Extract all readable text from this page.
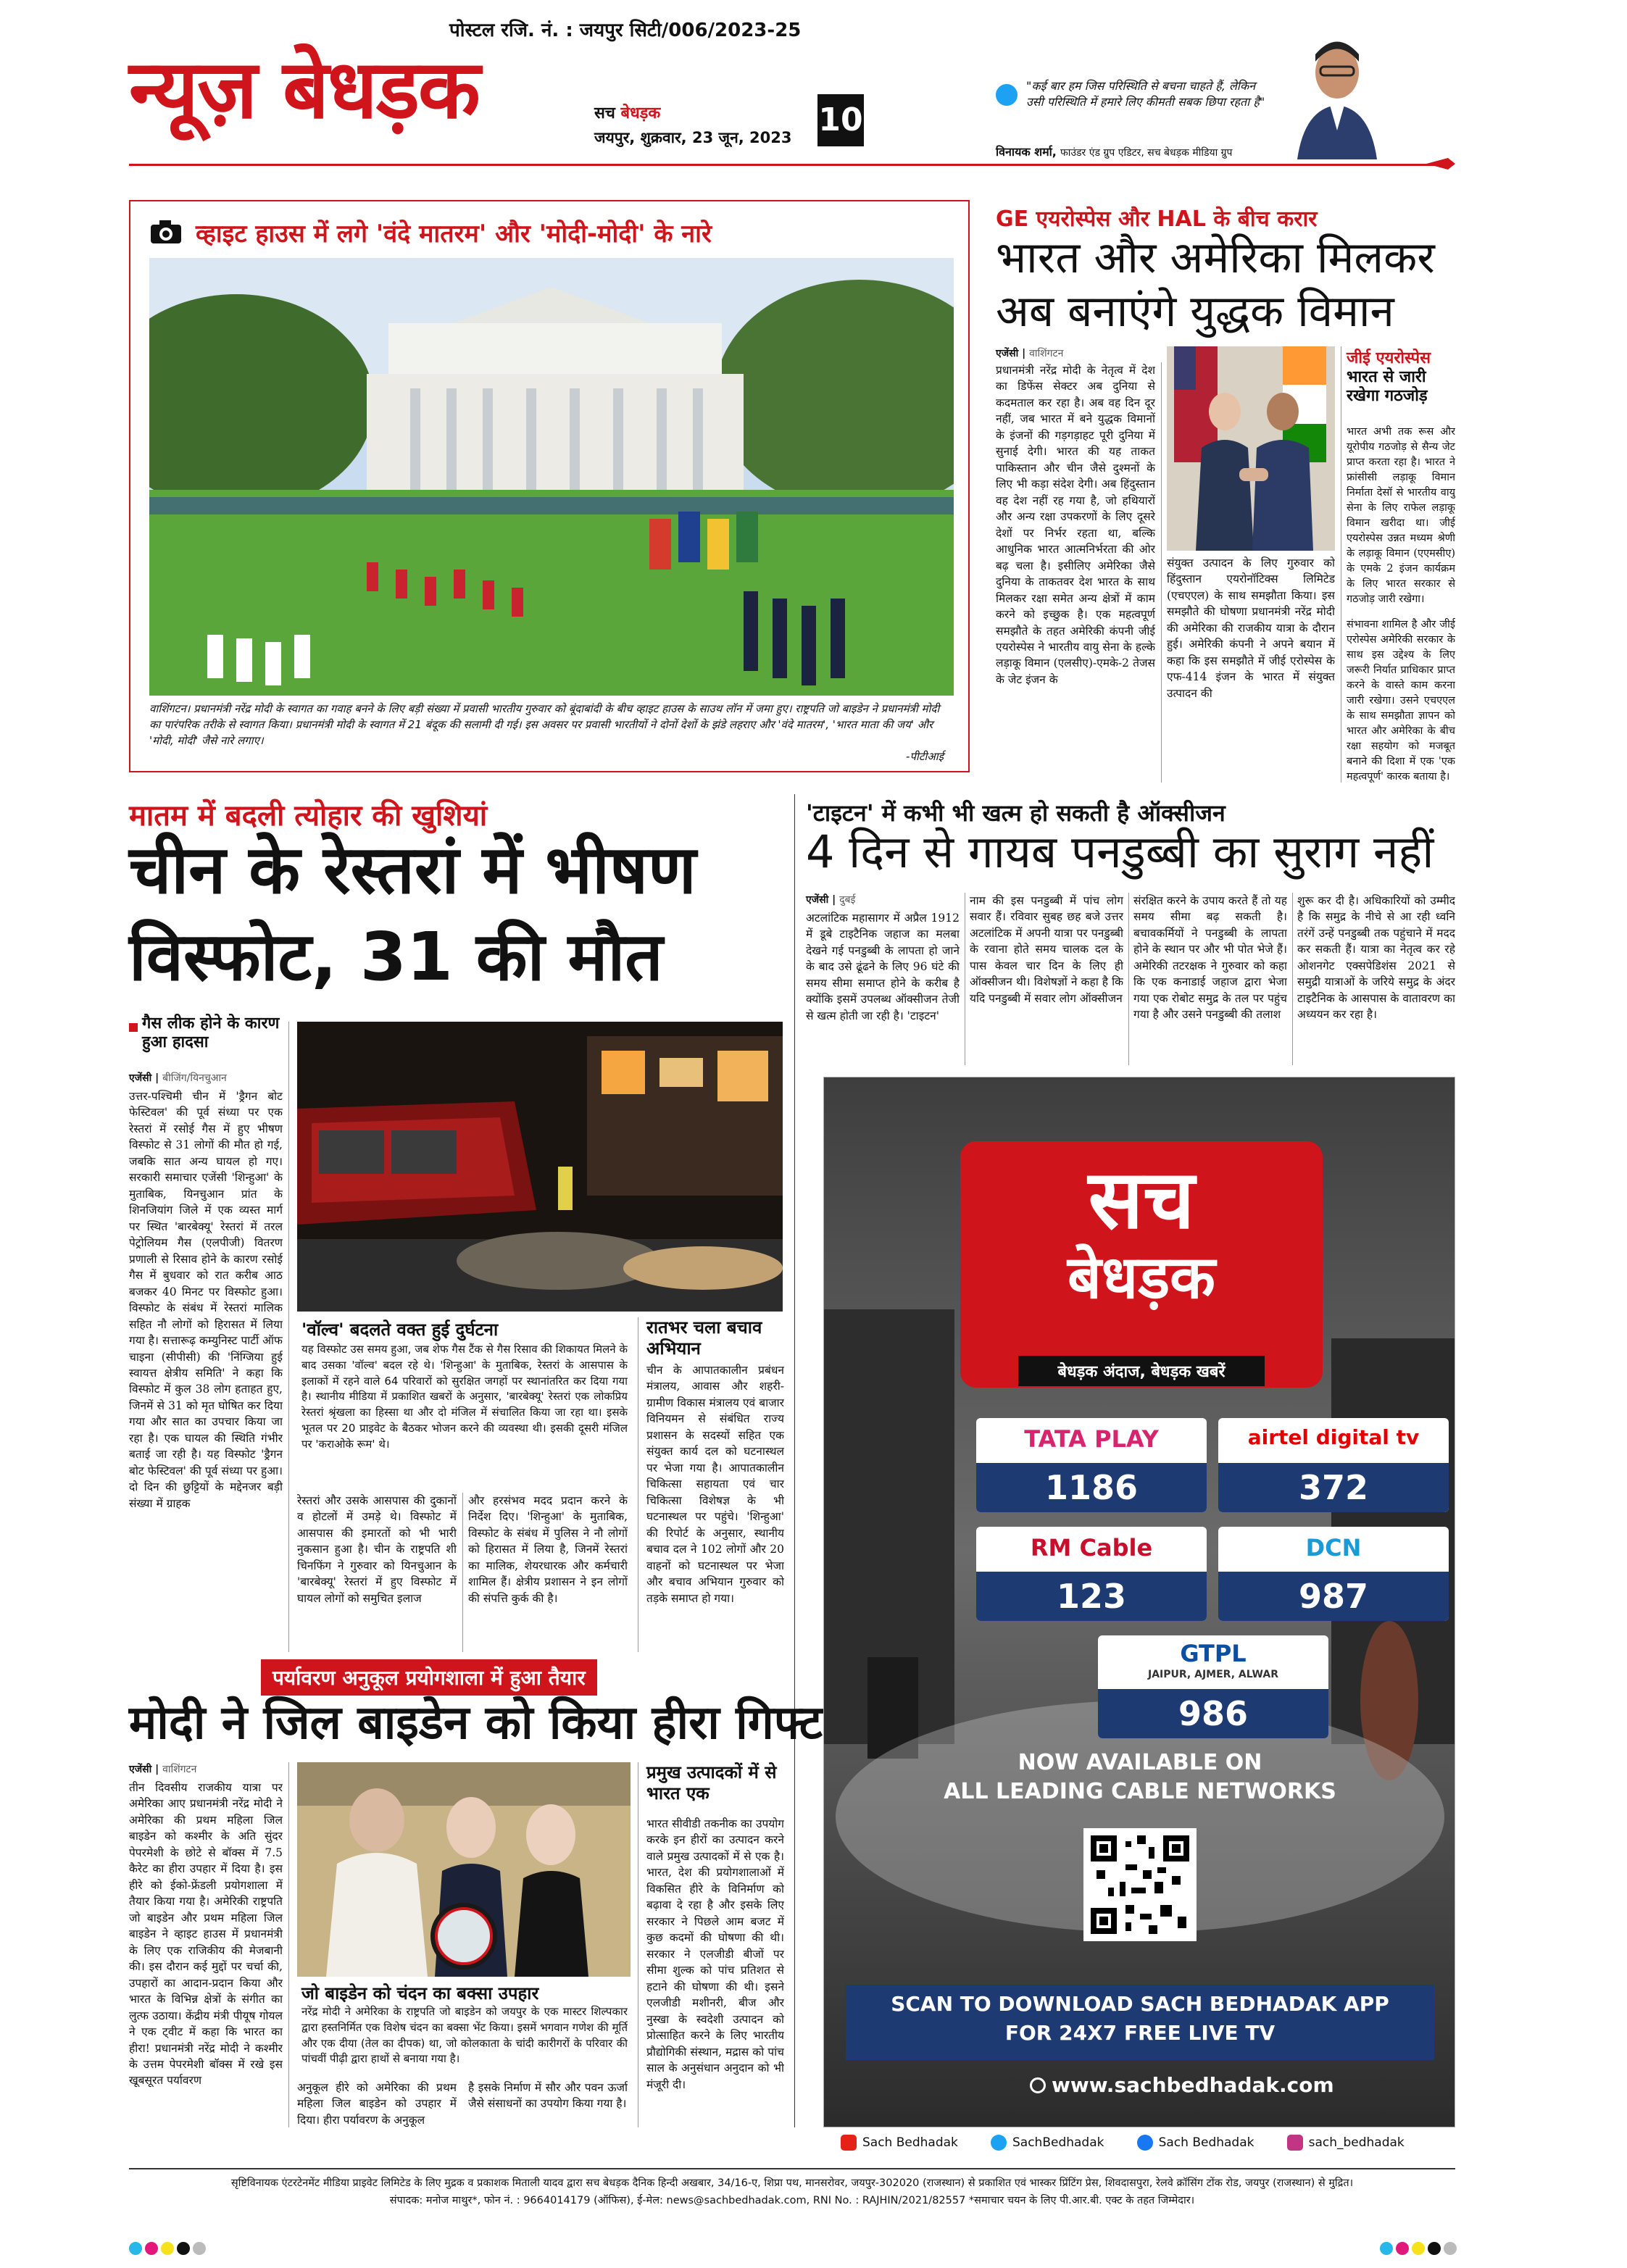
पोस्टल रजि. नं. : जयपुर सिटी/006/2023-25
न्यूज़ बेधड़क	सच बेधड़क
जयपुर, शुक्रवार, 23 जून, 2023 10
"कई बार हम जिस परिस्थिति से बचना चाहते हैं, लेकिन उसी परिस्थिति में हमारे लिए कीमती सबक छिपा रहता है"
विनायक शर्मा, फाउंडर एंड ग्रुप एडिटर, सच बेधड़क मीडिया ग्रुप
व्हाइट हाउस में लगे 'वंदे मातरम' और 'मोदी-मोदी' के नारे
वाशिंगटन। प्रधानमंत्री नरेंद्र मोदी के स्वागत का गवाह बनने के लिए बड़ी संख्या में प्रवासी भारतीय गुरुवार को बूंदाबांदी के बीच व्हाइट हाउस के साउथ लॉन में जमा हुए। राष्ट्रपति जो बाइडेन ने प्रधानमंत्री मोदी का पारंपरिक तरीके से स्वागत किया। प्रधानमंत्री मोदी के स्वागत में 21 बंदूक की सलामी दी गई। इस अवसर पर प्रवासी भारतीयों ने दोनों देशों के झंडे लहराए और 'वंदे मातरम', 'भारत माता की जय' और 'मोदी, मोदी' जैसे नारे लगाए।
-पीटीआई
GE एयरोस्पेस और HAL के बीच करार
भारत और अमेरिका मिलकर
अब बनाएंगे युद्धक विमान
एजेंसी | वाशिंगटन
प्रधानमंत्री नरेंद्र मोदी के नेतृत्व में देश का डिफेंस सेक्टर अब दुनिया से कदमताल कर रहा है। अब वह दिन दूर नहीं, जब भारत में बने युद्धक विमानों के इंजनों की गड़गड़ाहट पूरी दुनिया में सुनाई देगी। भारत की यह ताकत पाकिस्तान और चीन जैसे दुश्मनों के लिए भी कड़ा संदेश देगी। अब हिंदुस्तान वह देश नहीं रह गया है, जो हथियारों और अन्य रक्षा उपकरणों के लिए दूसरे देशों पर निर्भर रहता था, बल्कि आधुनिक भारत आत्मनिर्भरता की ओर बढ़ चला है। इसीलिए अमेरिका जैसे दुनिया के ताकतवर देश भारत के साथ मिलकर रक्षा समेत अन्य क्षेत्रों में काम करने को इच्छुक है। एक महत्वपूर्ण समझौते के तहत अमेरिकी कंपनी जीई एयरोस्पेस ने भारतीय वायु सेना के हल्के लड़ाकू विमान (एलसीए)-एमके-2 तेजस के जेट इंजन के
संयुक्त उत्पादन के लिए गुरुवार को हिंदुस्तान एयरोनॉटिक्स लिमिटेड (एचएएल) के साथ समझौता किया। इस समझौते की घोषणा प्रधानमंत्री नरेंद्र मोदी की अमेरिका की राजकीय यात्रा के दौरान हुई। अमेरिकी कंपनी ने अपने बयान में कहा कि इस समझौते में जीई एरोस्पेस के एफ-414 इंजन के भारत में संयुक्त उत्पादन की
जीई एयरोस्पेस
भारत से जारी रखेगा गठजोड़
भारत अभी तक रूस और यूरोपीय गठजोड़ से सैन्य जेट प्राप्त करता रहा है। भारत ने फ्रांसीसी लड़ाकू विमान निर्माता देसॉ से भारतीय वायु सेना के लिए राफेल लड़ाकू विमान खरीदा था। जीई एयरोस्पेस उन्नत मध्यम श्रेणी के लड़ाकू विमान (एएमसीए) के एमके 2 इंजन कार्यक्रम के लिए भारत सरकार से गठजोड़ जारी रखेगा।
संभावना शामिल है और जीई एरोस्पेस अमेरिकी सरकार के साथ इस उद्देश्य के लिए जरूरी निर्यात प्राधिकार प्राप्त करने के वास्ते काम करना जारी रखेगा। उसने एचएएल के साथ समझौता ज्ञापन को भारत और अमेरिका के बीच रक्षा सहयोग को मजबूत बनाने की दिशा में एक 'एक महत्वपूर्ण' कारक बताया है।
मातम में बदली त्योहार की खुशियां
चीन के रेस्तरां में भीषण
विस्फोट, 31 की मौत
गैस लीक होने के कारण हुआ हादसा
एजेंसी | बीजिंग/यिनचुआन
उत्तर-पश्चिमी चीन में 'ड्रैगन बोट फेस्टिवल' की पूर्व संध्या पर एक रेस्तरां में रसोई गैस में हुए भीषण विस्फोट से 31 लोगों की मौत हो गई, जबकि सात अन्य घायल हो गए। सरकारी समाचार एजेंसी 'शिन्हुआ' के मुताबिक, यिनचुआन प्रांत के शिनजियांग जिले में एक व्यस्त मार्ग पर स्थित 'बारबेक्यू' रेस्तरां में तरल पेट्रोलियम गैस (एलपीजी) वितरण प्रणाली से रिसाव होने के कारण रसोई गैस में बुधवार को रात करीब आठ बजकर 40 मिनट पर विस्फोट हुआ। विस्फोट के संबंध में रेस्तरां मालिक सहित नौ लोगों को हिरासत में लिया गया है। सत्तारूढ़ कम्युनिस्ट पार्टी ऑफ चाइना (सीपीसी) की 'निंग्जिया हुई स्वायत्त क्षेत्रीय समिति' ने कहा कि विस्फोट में कुल 38 लोग हताहत हुए, जिनमें से 31 को मृत घोषित कर दिया गया और सात का उपचार किया जा रहा है। एक घायल की स्थिति गंभीर बताई जा रही है। यह विस्फोट 'ड्रैगन बोट फेस्टिवल' की पूर्व संध्या पर हुआ। दो दिन की छुट्टियों के मद्देनजर बड़ी संख्या में ग्राहक
'वॉल्व' बदलते वक्त हुई दुर्घटना
यह विस्फोट उस समय हुआ, जब शेफ गैस टैंक से गैस रिसाव की शिकायत मिलने के बाद उसका 'वॉल्व' बदल रहे थे। 'शिन्हुआ' के मुताबिक, रेस्तरां के आसपास के इलाकों में रहने वाले 64 परिवारों को सुरक्षित जगहों पर स्थानांतरित कर दिया गया है। स्थानीय मीडिया में प्रकाशित खबरों के अनुसार, 'बारबेक्यू' रेस्तरां एक लोकप्रिय रेस्तरां श्रृंखला का हिस्सा था और दो मंजिल में संचालित किया जा रहा था। इसके भूतल पर 20 प्राइवेट के बैठकर भोजन करने की व्यवस्था थी। इसकी दूसरी मंजिल पर 'कराओके रूम' थे।
रेस्तरां और उसके आसपास की दुकानों व होटलों में उमड़े थे। विस्फोट में आसपास की इमारतों को भी भारी नुकसान हुआ है। चीन के राष्ट्रपति शी चिनफिंग ने गुरुवार को यिनचुआन के 'बारबेक्यू' रेस्तरां में हुए विस्फोट में घायल लोगों को समुचित इलाज
और हरसंभव मदद प्रदान करने के निर्देश दिए। 'शिन्हुआ' के मुताबिक, विस्फोट के संबंध में पुलिस ने नौ लोगों को हिरासत में लिया है, जिनमें रेस्तरां का मालिक, शेयरधारक और कर्मचारी शामिल हैं। क्षेत्रीय प्रशासन ने इन लोगों की संपत्ति कुर्क की है।
रातभर चला बचाव अभियान
चीन के आपातकालीन प्रबंधन मंत्रालय, आवास और शहरी-ग्रामीण विकास मंत्रालय एवं बाजार विनियमन से संबंधित राज्य प्रशासन के सदस्यों सहित एक संयुक्त कार्य दल को घटनास्थल पर भेजा गया है। आपातकालीन चिकित्सा सहायता एवं चार चिकित्सा विशेषज्ञ के भी घटनास्थल पर पहुंचे। 'शिन्हुआ' की रिपोर्ट के अनुसार, स्थानीय बचाव दल ने 102 लोगों और 20 वाहनों को घटनास्थल पर भेजा और बचाव अभियान गुरुवार को तड़के समाप्त हो गया।
'टाइटन' में कभी भी खत्म हो सकती है ऑक्सीजन
4 दिन से गायब पनडुब्बी का सुराग नहीं
एजेंसी | दुबई
अटलांटिक महासागर में अप्रैल 1912 में डूबे टाइटैनिक जहाज का मलबा देखने गई पनडुब्बी के लापता हो जाने के बाद उसे ढूंढने के लिए 96 घंटे की समय सीमा समाप्त होने के करीब है क्योंकि इसमें उपलब्ध ऑक्सीजन तेजी से खत्म होती जा रही है। 'टाइटन'
नाम की इस पनडुब्बी में पांच लोग सवार हैं। रविवार सुबह छह बजे उत्तर अटलांटिक में अपनी यात्रा पर पनडुब्बी के रवाना होते समय चालक दल के पास केवल चार दिन के लिए ही ऑक्सीजन थी। विशेषज्ञों ने कहा है कि यदि पनडुब्बी में सवार लोग ऑक्सीजन
संरक्षित करने के उपाय करते हैं तो यह समय सीमा बढ़ सकती है। बचावकर्मियों ने पनडुब्बी के लापता होने के स्थान पर और भी पोत भेजे हैं। अमेरिकी तटरक्षक ने गुरुवार को कहा कि एक कनाडाई जहाज द्वारा भेजा गया एक रोबोट समुद्र के तल पर पहुंच गया है और उसने पनडुब्बी की तलाश
शुरू कर दी है। अधिकारियों को उम्मीद है कि समुद्र के नीचे से आ रही ध्वनि तरंगें उन्हें पनडुब्बी तक पहुंचाने में मदद कर सकती हैं। यात्रा का नेतृत्व कर रहे ओशनगेट एक्सपेडिशंस 2021 से समुद्री यात्राओं के जरिये समुद्र के अंदर टाइटैनिक के आसपास के वातावरण का अध्ययन कर रहा है।
पर्यावरण अनुकूल प्रयोगशाला में हुआ तैयार
मोदी ने जिल बाइडेन को किया हीरा गिफ्ट
एजेंसी | वाशिंगटन
तीन दिवसीय राजकीय यात्रा पर अमेरिका आए प्रधानमंत्री नरेंद्र मोदी ने अमेरिका की प्रथम महिला जिल बाइडेन को कश्मीर के अति सुंदर पेपरमेशी के छोटे से बॉक्स में 7.5 कैरेट का हीरा उपहार में दिया है। इस हीरे को ईको-फ्रेंडली प्रयोगशाला में तैयार किया गया है। अमेरिकी राष्ट्रपति जो बाइडेन और प्रथम महिला जिल बाइडेन ने व्हाइट हाउस में प्रधानमंत्री के लिए एक राजिकीय की मेजबानी की। इस दौरान कई मुद्दों पर चर्चा की, उपहारों का आदान-प्रदान किया और भारत के विभिन्न क्षेत्रों के संगीत का लुत्फ उठाया। केंद्रीय मंत्री पीयूष गोयल ने एक ट्वीट में कहा कि भारत का हीरा! प्रधानमंत्री नरेंद्र मोदी ने कश्मीर के उत्तम पेपरमेशी बॉक्स में रखे इस खूबसूरत पर्यावरण
जो बाइडेन को चंदन का बक्सा उपहार
नरेंद्र मोदी ने अमेरिका के राष्ट्रपति जो बाइडेन को जयपुर के एक मास्टर शिल्पकार द्वारा हस्तनिर्मित एक विशेष चंदन का बक्सा भेंट किया। इसमें भगवान गणेश की मूर्ति और एक दीया (तेल का दीपक) था, जो कोलकाता के चांदी कारीगरों के परिवार की पांचवीं पीढ़ी द्वारा हाथों से बनाया गया है।
अनुकूल हीरे को अमेरिका की प्रथम महिला जिल बाइडेन को उपहार में दिया। हीरा पर्यावरण के अनुकूल
है इसके निर्माण में सौर और पवन ऊर्जा जैसे संसाधनों का उपयोग किया गया है।
प्रमुख उत्पादकों में से भारत एक
भारत सीवीडी तकनीक का उपयोग करके इन हीरों का उत्पादन करने वाले प्रमुख उत्पादकों में से एक है। भारत, देश की प्रयोगशालाओं में विकसित हीरे के विनिर्माण को बढ़ावा दे रहा है और इसके लिए सरकार ने पिछले आम बजट में कुछ कदमों की घोषणा की थी। सरकार ने एलजीडी बीजों पर सीमा शुल्क को पांच प्रतिशत से हटाने की घोषणा की थी। इसने एलजीडी मशीनरी, बीज और नुस्खा के स्वदेशी उत्पादन को प्रोत्साहित करने के लिए भारतीय प्रौद्योगिकी संस्थान, मद्रास को पांच साल के अनुसंधान अनुदान को भी मंजूरी दी।
सच
बेधड़क
बेधड़क अंदाज, बेधड़क खबरें
TATA PLAY
1186
airtel digital tv
372
RM Cable
123
DCN
987
GTPL
JAIPUR, AJMER, ALWAR
986
NOW AVAILABLE ON
ALL LEADING CABLE NETWORKS
SCAN TO DOWNLOAD SACH BEDHADAK APP
FOR 24X7 FREE LIVE TV
www.sachbedhadak.com
Sach Bedhadak
	SachBedhadak
	Sach Bedhadak
	sach_bedhadak
सृष्टिविनायक एंटरटेनमेंट मीडिया प्राइवेट लिमिटेड के लिए मुद्रक व प्रकाशक मिताली यादव द्वारा सच बेधड़क दैनिक हिन्दी अखबार, 34/16-ए, शिप्रा पथ, मानसरोवर, जयपुर-302020 (राजस्थान) से प्रकाशित एवं भास्कर प्रिंटिंग प्रेस, शिवदासपुरा, रेलवे क्रॉसिंग टोंक रोड, जयपुर (राजस्थान) से मुद्रित।
संपादक: मनोज माथुर*, फोन नं. : 9664014179 (ऑफिस), ई-मेल: news@sachbedhadak.com, RNI No. : RAJHIN/2021/82557 *समाचार चयन के लिए पी.आर.बी. एक्ट के तहत जिम्मेदार।
